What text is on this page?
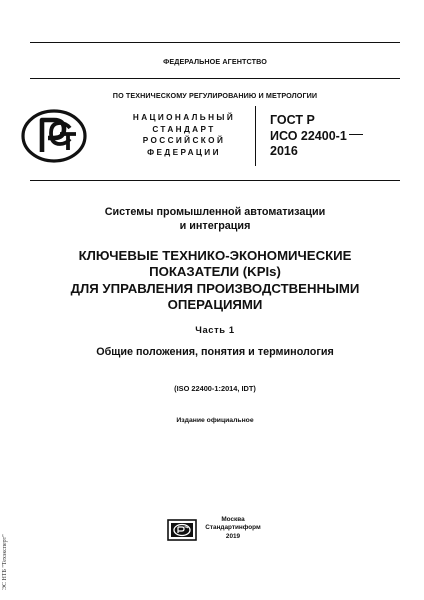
ФЕДЕРАЛЬНОЕ АГЕНТСТВО
ПО ТЕХНИЧЕСКОМУ РЕГУЛИРОВАНИЮ И МЕТРОЛОГИИ
НАЦИОНАЛЬНЫЙ
СТАНДАРТ
РОССИЙСКОЙ
ФЕДЕРАЦИИ
ГОСТ Р
ИСО 22400-1
2016
Системы промышленной автоматизации
и интеграция
КЛЮЧЕВЫЕ ТЕХНИКО-ЭКОНОМИЧЕСКИЕ
ПОКАЗАТЕЛИ (KPIs)
ДЛЯ УПРАВЛЕНИЯ ПРОИЗВОДСТВЕННЫМИ
ОПЕРАЦИЯМИ
Часть 1
Общие положения, понятия и терминология
(ISO 22400-1:2014, IDT)
Издание официальное
Москва
Стандартинформ
2019
ЭС НТБ "Техэксперт"
